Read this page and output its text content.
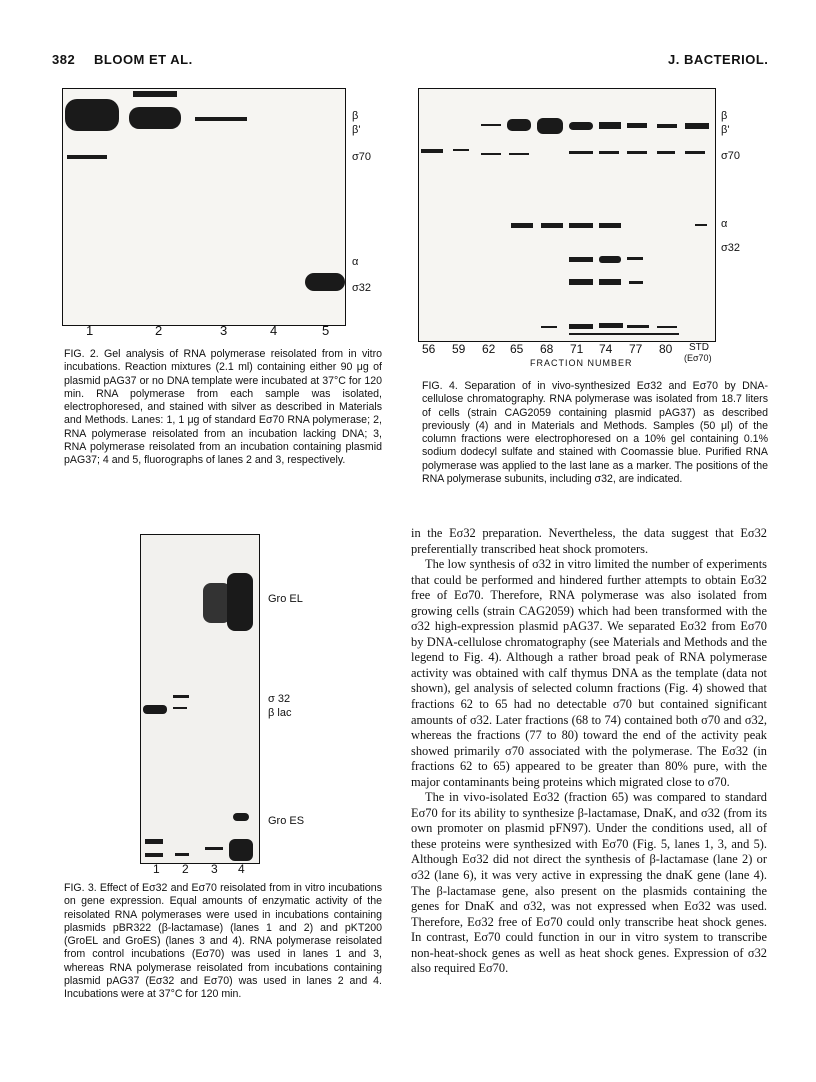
382 BLOOM ET AL.	J. BACTERIOL.
β
β'
σ70
α
σ32
1	2	3	4	5
FIG. 2. Gel analysis of RNA polymerase reisolated from in vitro incubations. Reaction mixtures (2.1 ml) containing either 90 μg of plasmid pAG37 or no DNA template were incubated at 37°C for 120 min. RNA polymerase from each sample was isolated, electrophoresed, and stained with silver as described in Materials and Methods. Lanes: 1, 1 μg of standard Eσ70 RNA polymerase; 2, RNA polymerase reisolated from an incubation lacking DNA; 3, RNA polymerase reisolated from an incubation containing plasmid pAG37; 4 and 5, fluorographs of lanes 2 and 3, respectively.
β
β'
σ70
α
σ32
56 59 62 65 68 71 74 77 80 STD
(Eσ70)
FRACTION NUMBER
FIG. 4. Separation of in vivo-synthesized Eσ32 and Eσ70 by DNA-cellulose chromatography. RNA polymerase was isolated from 18.7 liters of cells (strain CAG2059 containing plasmid pAG37) as described previously (4) and in Materials and Methods. Samples (50 μl) of the column fractions were electrophoresed on a 10% gel containing 0.1% sodium dodecyl sulfate and stained with Coomassie blue. Purified RNA polymerase was applied to the last lane as a marker. The positions of the RNA polymerase subunits, including σ32, are indicated.
Gro EL
σ 32
β lac
Gro ES
1 2 3 4
FIG. 3. Effect of Eσ32 and Eσ70 reisolated from in vitro incubations on gene expression. Equal amounts of enzymatic activity of the reisolated RNA polymerases were used in incubations containing plasmids pBR322 (β-lactamase) (lanes 1 and 2) and pKT200 (GroEL and GroES) (lanes 3 and 4). RNA polymerase reisolated from control incubations (Eσ70) was used in lanes 1 and 3, whereas RNA polymerase reisolated from incubations containing plasmid pAG37 (Eσ32 and Eσ70) was used in lanes 2 and 4. Incubations were at 37°C for 120 min.

in the Eσ32 preparation. Nevertheless, the data suggest that Eσ32 preferentially transcribed heat shock promoters.

The low synthesis of σ32 in vitro limited the number of experiments that could be performed and hindered further attempts to obtain Eσ32 free of Eσ70. Therefore, RNA polymerase was also isolated from growing cells (strain CAG2059) which had been transformed with the σ32 high-expression plasmid pAG37. We separated Eσ32 from Eσ70 by DNA-cellulose chromatography (see Materials and Methods and the legend to Fig. 4). Although a rather broad peak of RNA polymerase activity was obtained with calf thymus DNA as the template (data not shown), gel analysis of selected column fractions (Fig. 4) showed that fractions 62 to 65 had no detectable σ70 but contained significant amounts of σ32. Later fractions (68 to 74) contained both σ70 and σ32, whereas the fractions (77 to 80) toward the end of the activity peak showed primarily σ70 associated with the polymerase. The Eσ32 (in fractions 62 to 65) appeared to be greater than 80% pure, with the major contaminants being proteins which migrated close to σ70.

The in vivo-isolated Eσ32 (fraction 65) was compared to standard Eσ70 for its ability to synthesize β-lactamase, DnaK, and σ32 (from its own promoter on plasmid pFN97). Under the conditions used, all of these proteins were synthesized with Eσ70 (Fig. 5, lanes 1, 3, and 5). Although Eσ32 did not direct the synthesis of β-lactamase (lane 2) or σ32 (lane 6), it was very active in expressing the dnaK gene (lane 4). The β-lactamase gene, also present on the plasmids containing the genes for DnaK and σ32, was not expressed when Eσ32 was used. Therefore, Eσ32 free of Eσ70 could only transcribe heat shock genes. In contrast, Eσ70 could function in our in vitro system to transcribe non-heat-shock genes as well as heat shock genes. Expression of σ32 also required Eσ70.
